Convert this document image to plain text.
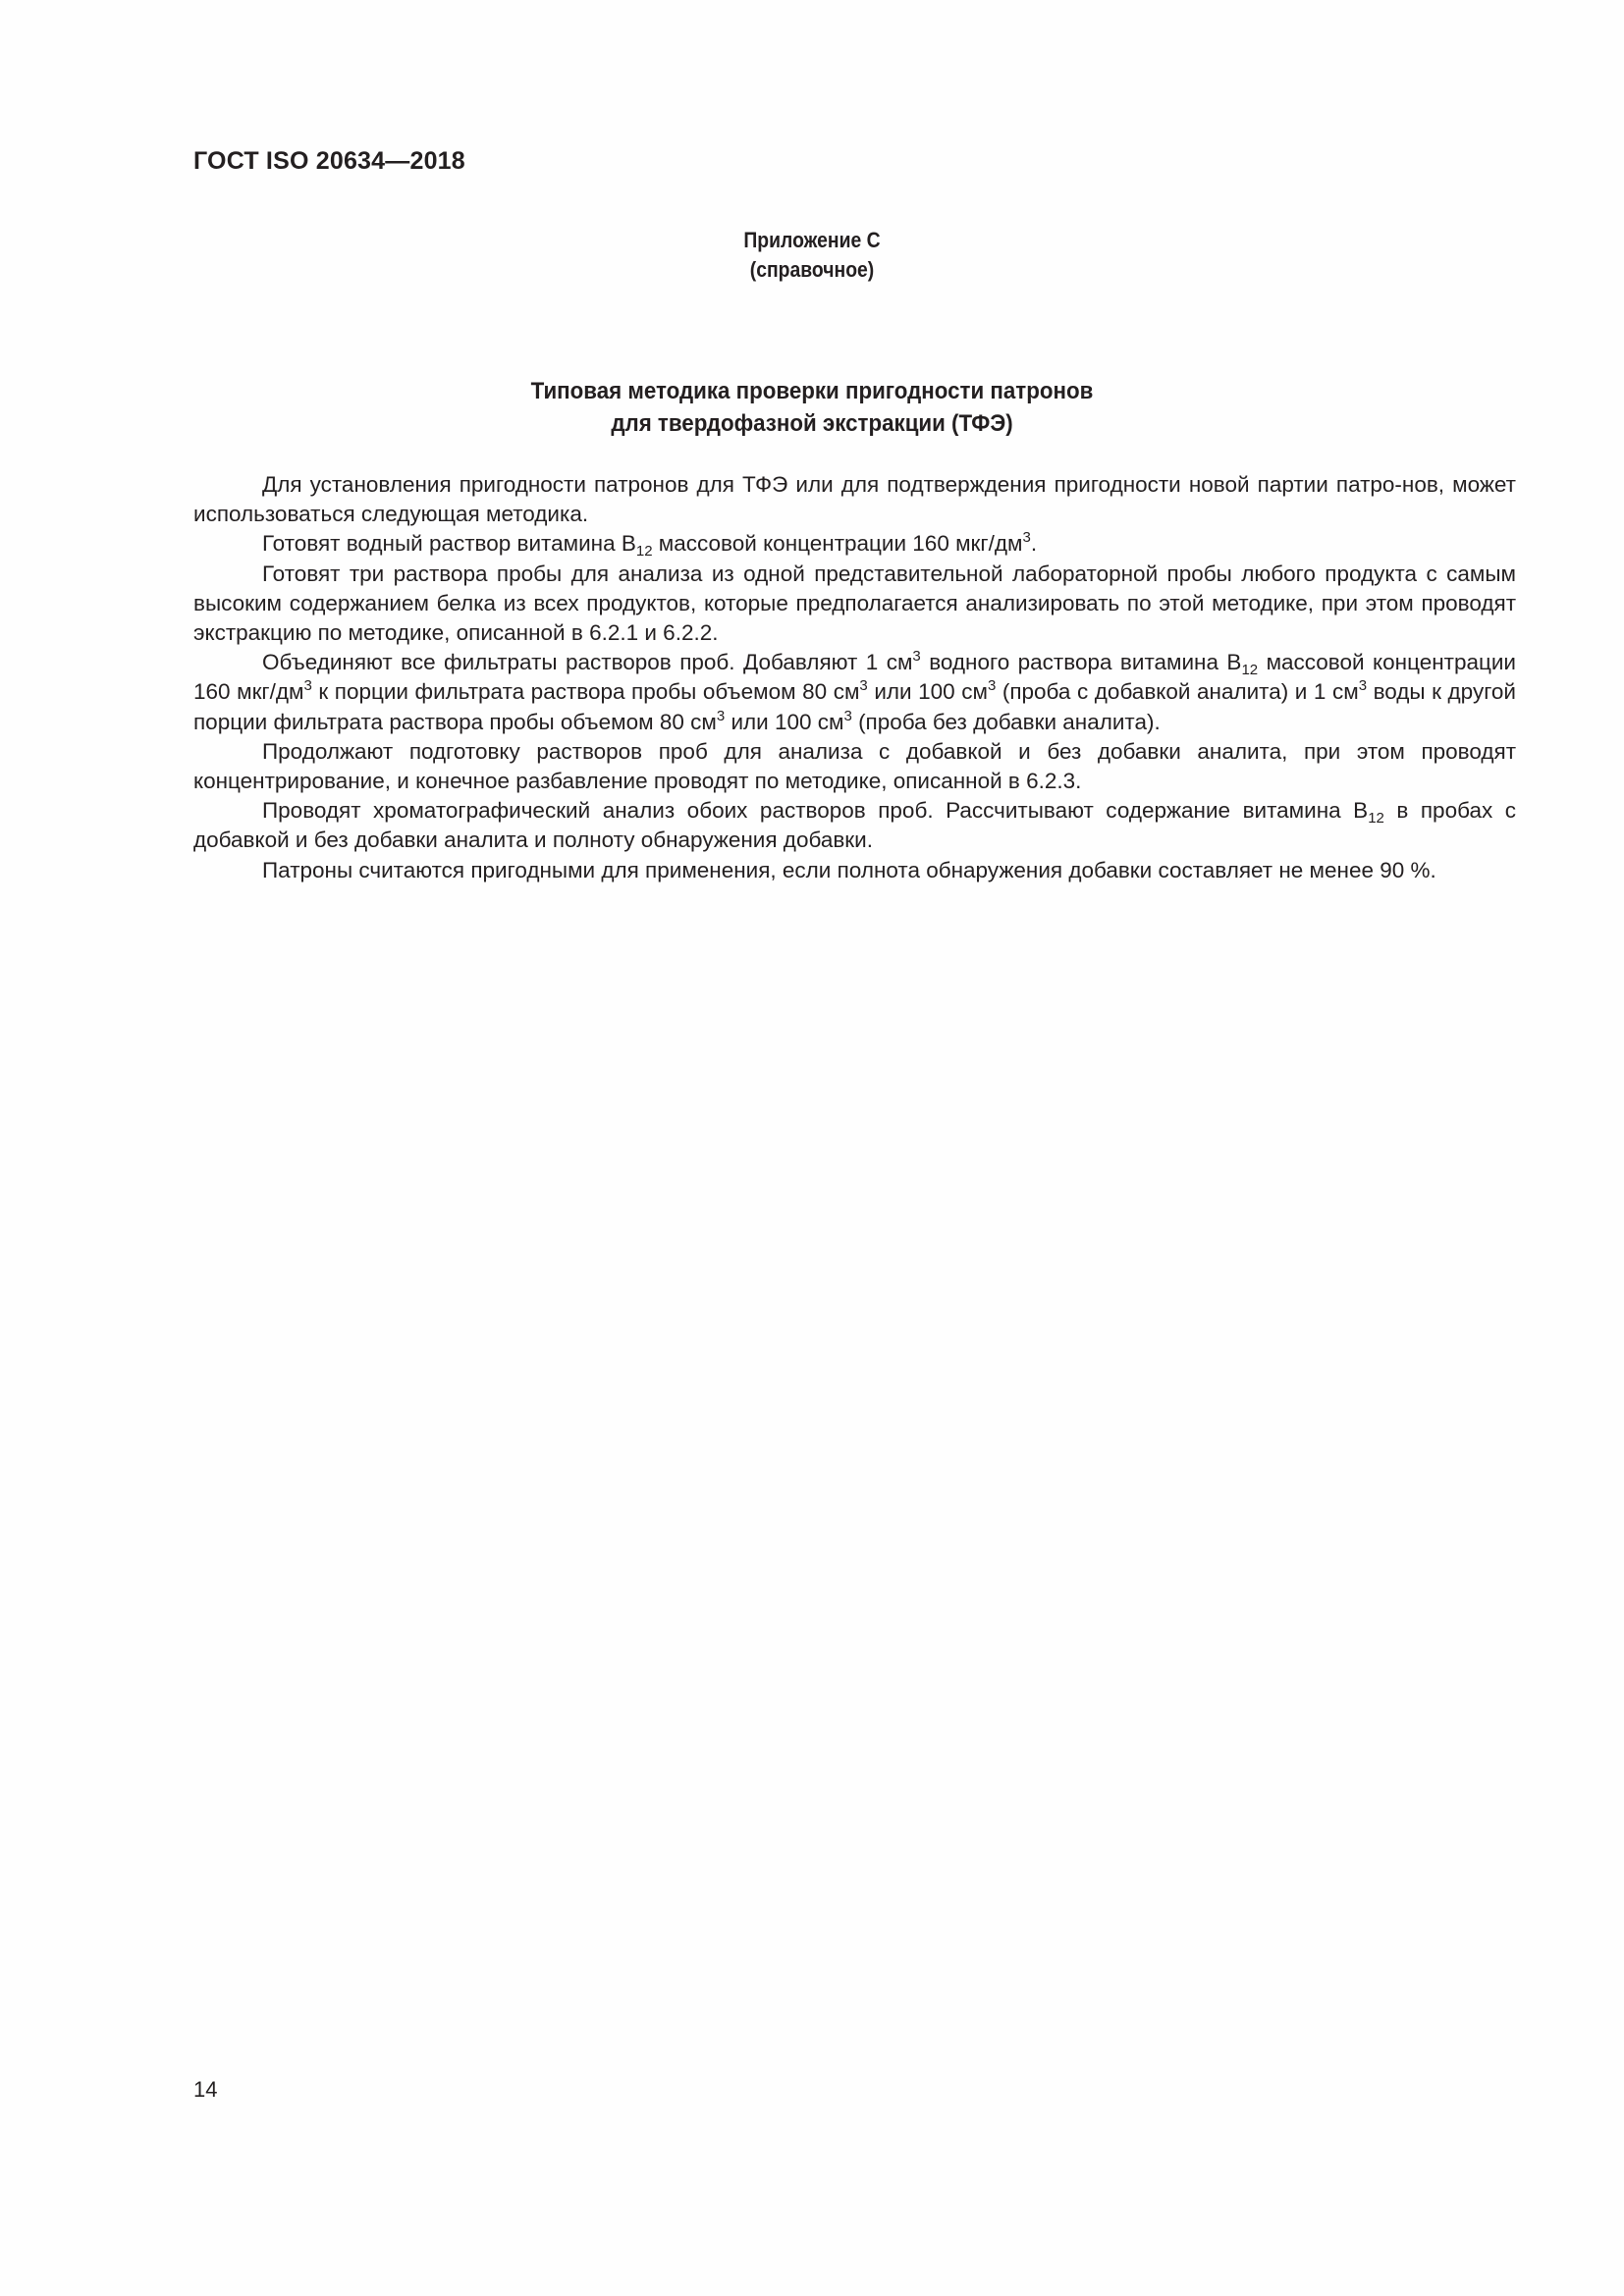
ГОСТ ISO 20634—2018
Приложение С
(справочное)
Типовая методика проверки пригодности патронов
для твердофазной экстракции (ТФЭ)

Для установления пригодности патронов для ТФЭ или для подтверждения пригодности новой партии патро-нов, может использоваться следующая методика.

Готовят водный раствор витамина $В_{12}$ массовой концентрации 160 мкг/$дм^3$.

Готовят три раствора пробы для анализа из одной представительной лабораторной пробы любого продукта с самым высоким содержанием белка из всех продуктов, которые предполагается анализировать по этой методике, при этом проводят экстракцию по методике, описанной в 6.2.1 и 6.2.2.

Объединяют все фильтраты растворов проб. Добавляют 1 $см^3$ водного раствора витамина $В_{12}$ массовой концентрации 160 мкг/$дм^3$ к порции фильтрата раствора пробы объемом 80 $см^3$ или 100 $см^3$ (проба с добавкой аналита) и 1 $см^3$ воды к другой порции фильтрата раствора пробы объемом 80 $см^3$ или 100 $см^3$ (проба без добавки аналита).

Продолжают подготовку растворов проб для анализа с добавкой и без добавки аналита, при этом проводят концентрирование, и конечное разбавление проводят по методике, описанной в 6.2.3.

Проводят хроматографический анализ обоих растворов проб. Рассчитывают содержание витамина $В_{12}$ в пробах с добавкой и без добавки аналита и полноту обнаружения добавки.

Патроны считаются пригодными для применения, если полнота обнаружения добавки составляет не менее 90 %.

14
